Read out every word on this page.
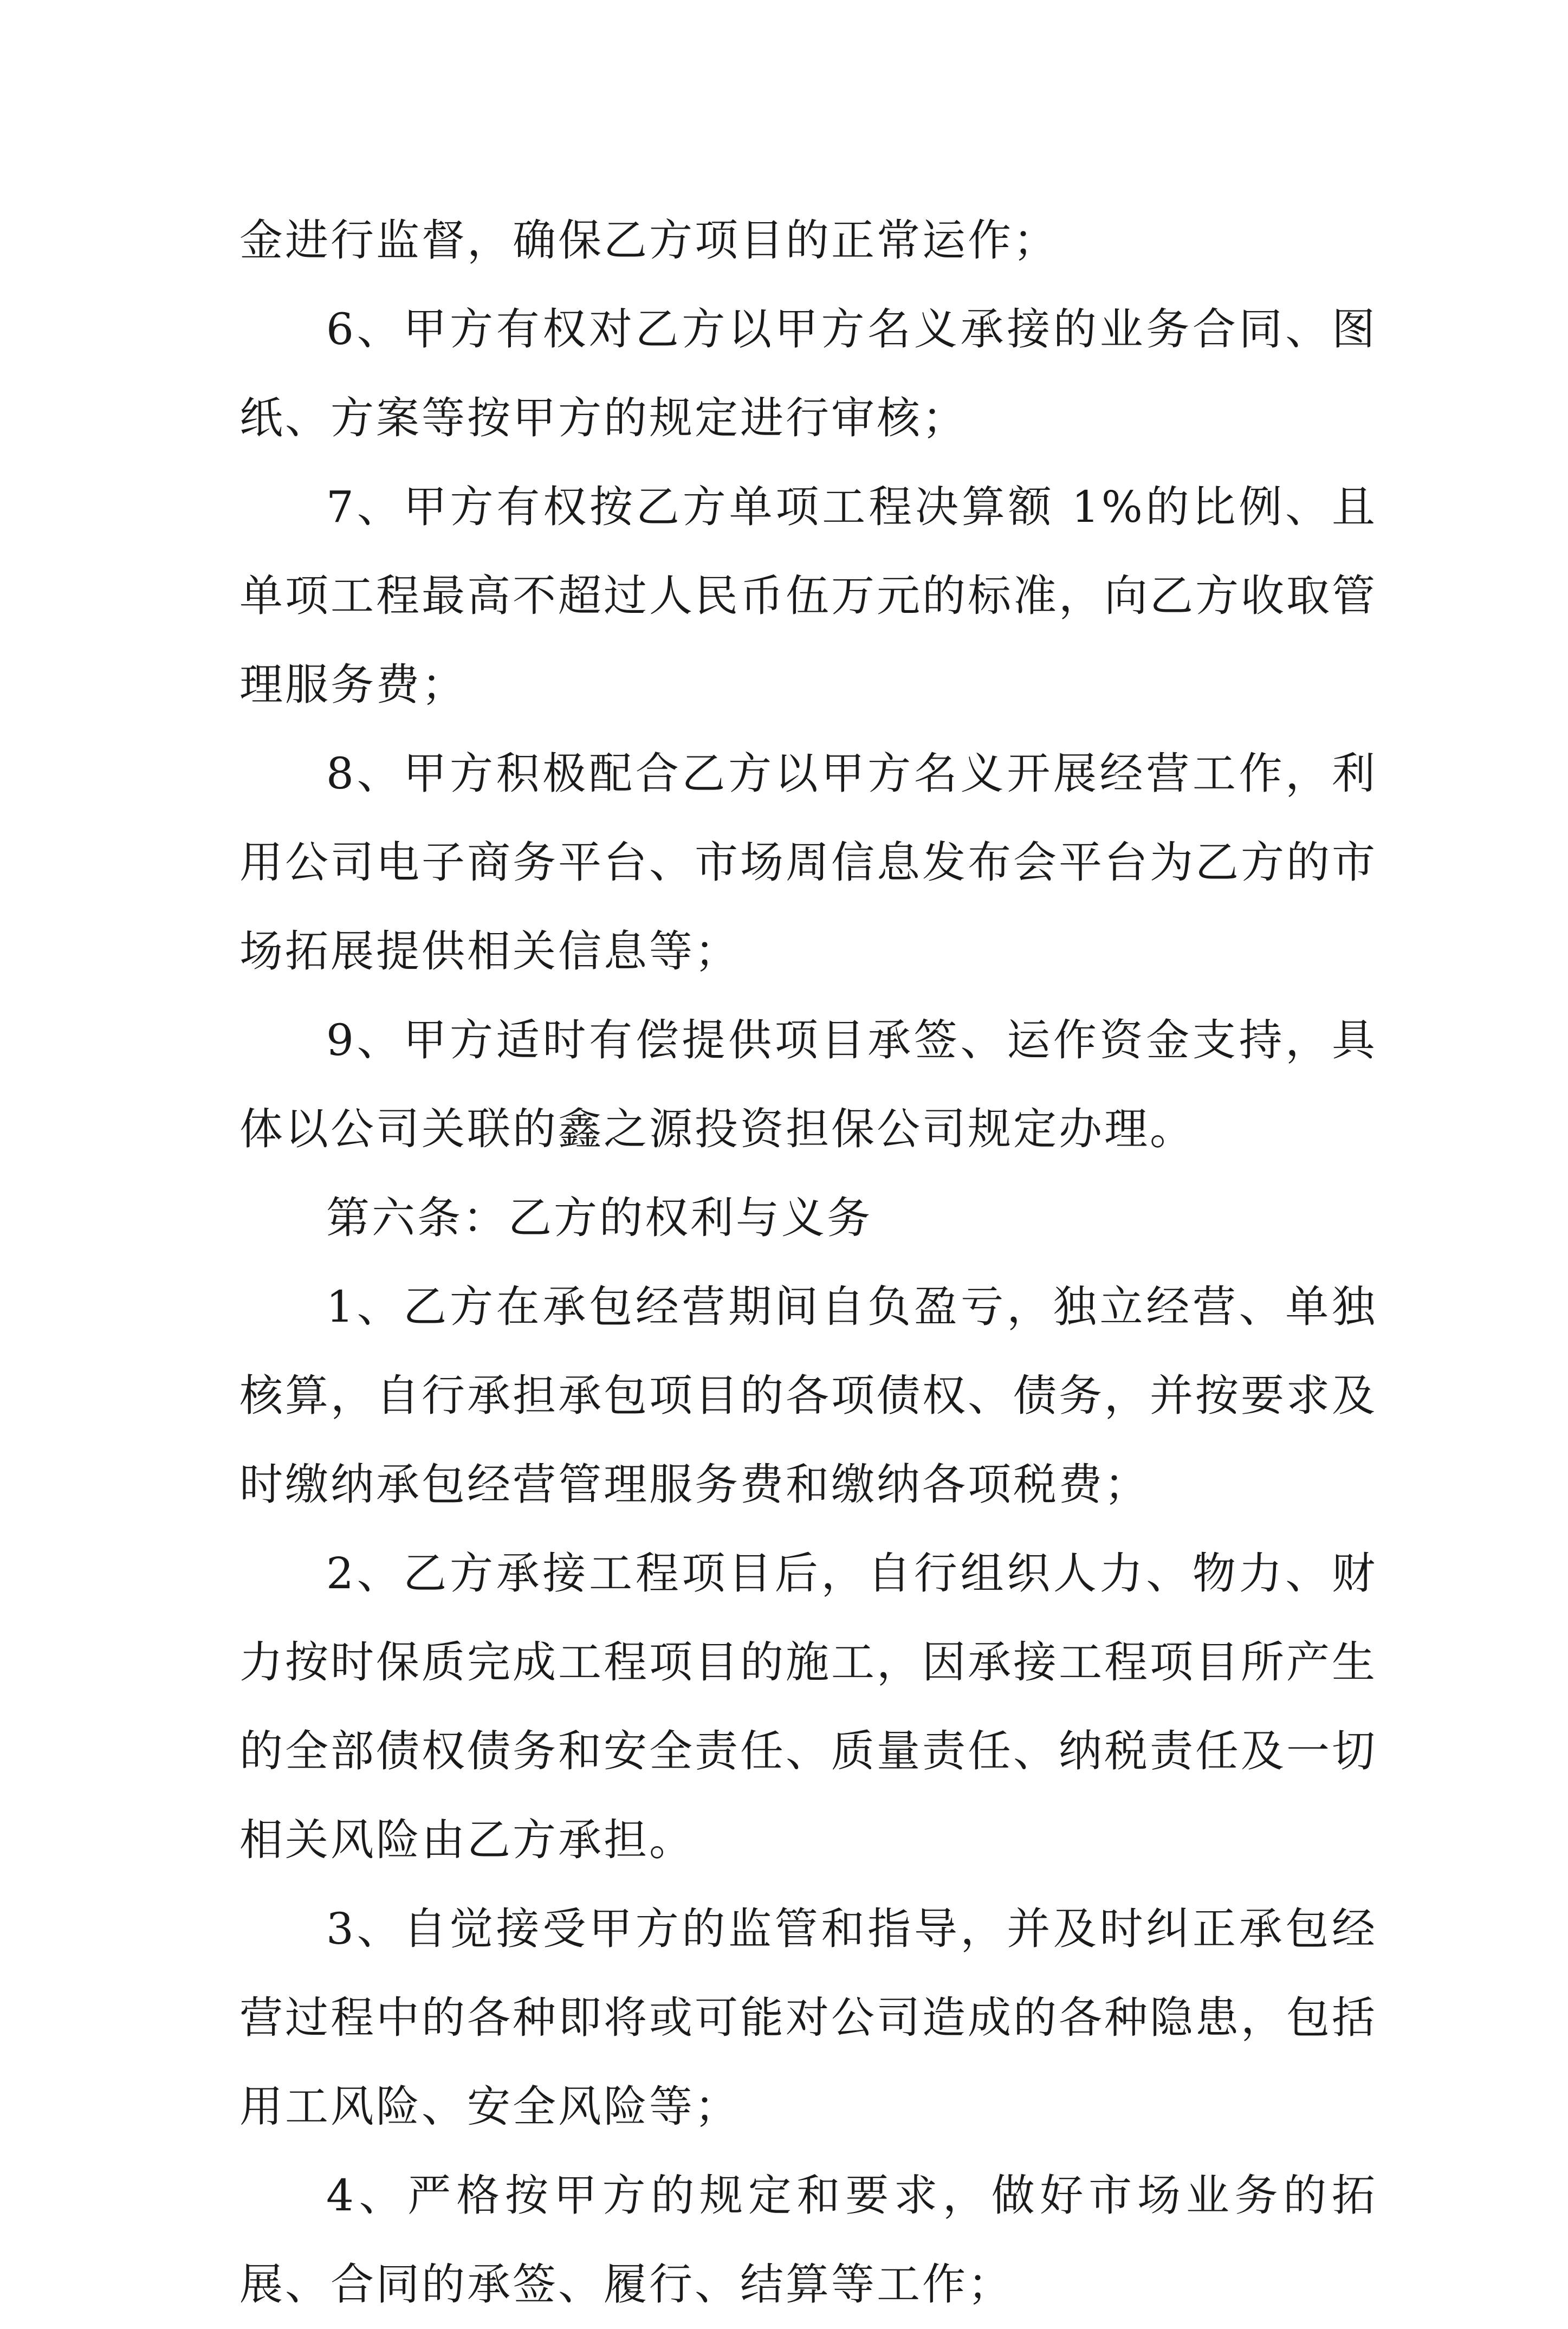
金进行监督，确保乙方项目的正常运作；

6、甲方有权对乙方以甲方名义承接的业务合同、图纸、方案等按甲方的规定进行审核；

7、甲方有权按乙方单项工程决算额 1%的比例、且单项工程最高不超过人民币伍万元的标准，向乙方收取管理服务费；

8、甲方积极配合乙方以甲方名义开展经营工作，利用公司电子商务平台、市场周信息发布会平台为乙方的市场拓展提供相关信息等；

9、甲方适时有偿提供项目承签、运作资金支持，具体以公司关联的鑫之源投资担保公司规定办理。

第六条：乙方的权利与义务

1、乙方在承包经营期间自负盈亏，独立经营、单独核算，自行承担承包项目的各项债权、债务，并按要求及时缴纳承包经营管理服务费和缴纳各项税费；

2、乙方承接工程项目后，自行组织人力、物力、财力按时保质完成工程项目的施工，因承接工程项目所产生的全部债权债务和安全责任、质量责任、纳税责任及一切相关风险由乙方承担。

3、自觉接受甲方的监管和指导，并及时纠正承包经营过程中的各种即将或可能对公司造成的各种隐患，包括用工风险、安全风险等；

4、严格按甲方的规定和要求，做好市场业务的拓展、合同的承签、履行、结算等工作；
